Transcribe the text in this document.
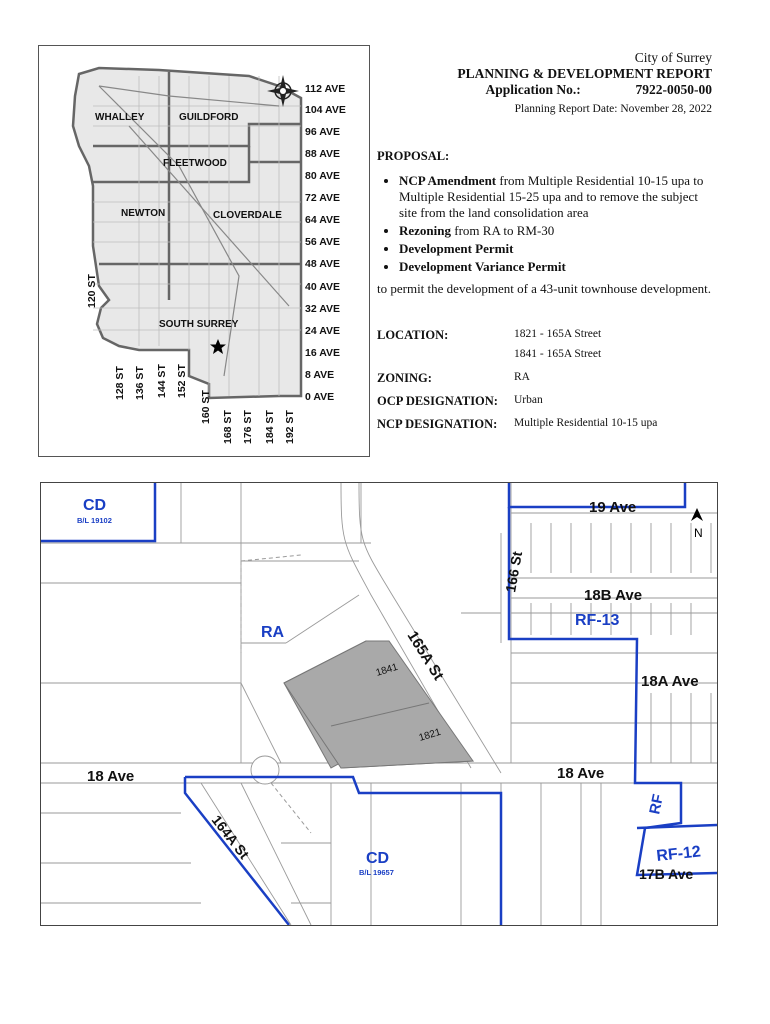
WHALLEY	GUILDFORD
FLEETWOOD
NEWTON	CLOVERDALE
SOUTH SURREY
112 AVE
104 AVE
96 AVE
88 AVE
80 AVE
72 AVE
64 AVE
56 AVE
48 AVE
40 AVE
32 AVE
24 AVE
16 AVE
8 AVE
0 AVE
120 ST
128 ST 136 ST 144 ST 152 ST
160 ST
168 ST 176 ST 184 ST 192 ST
City of Surrey
PLANNING & DEVELOPMENT REPORT
Application No.:	7922-0050-00
Planning Report Date: November 28, 2022
PROPOSAL:
• NCP Amendment from Multiple Residential 10-15 upa to Multiple Residential 15-25 upa and to remove the subject site from the land consolidation area
• Rezoning from RA to RM-30
• Development Permit
• Development Variance Permit
to permit the development of a 43-unit townhouse development.
LOCATION:	1821 - 165A Street
1841 - 165A Street
ZONING:	RA
OCP DESIGNATION:	Urban
NCP DESIGNATION:	Multiple Residential 10-15 upa
N
19 Ave
18B Ave
18A Ave
18 Ave	18 Ave
17B Ave
166 St
165A St
164A St
CD
B/L 19102
RA
RF-13
RF
RF-12
CD
B/L 19657
1841
1821
